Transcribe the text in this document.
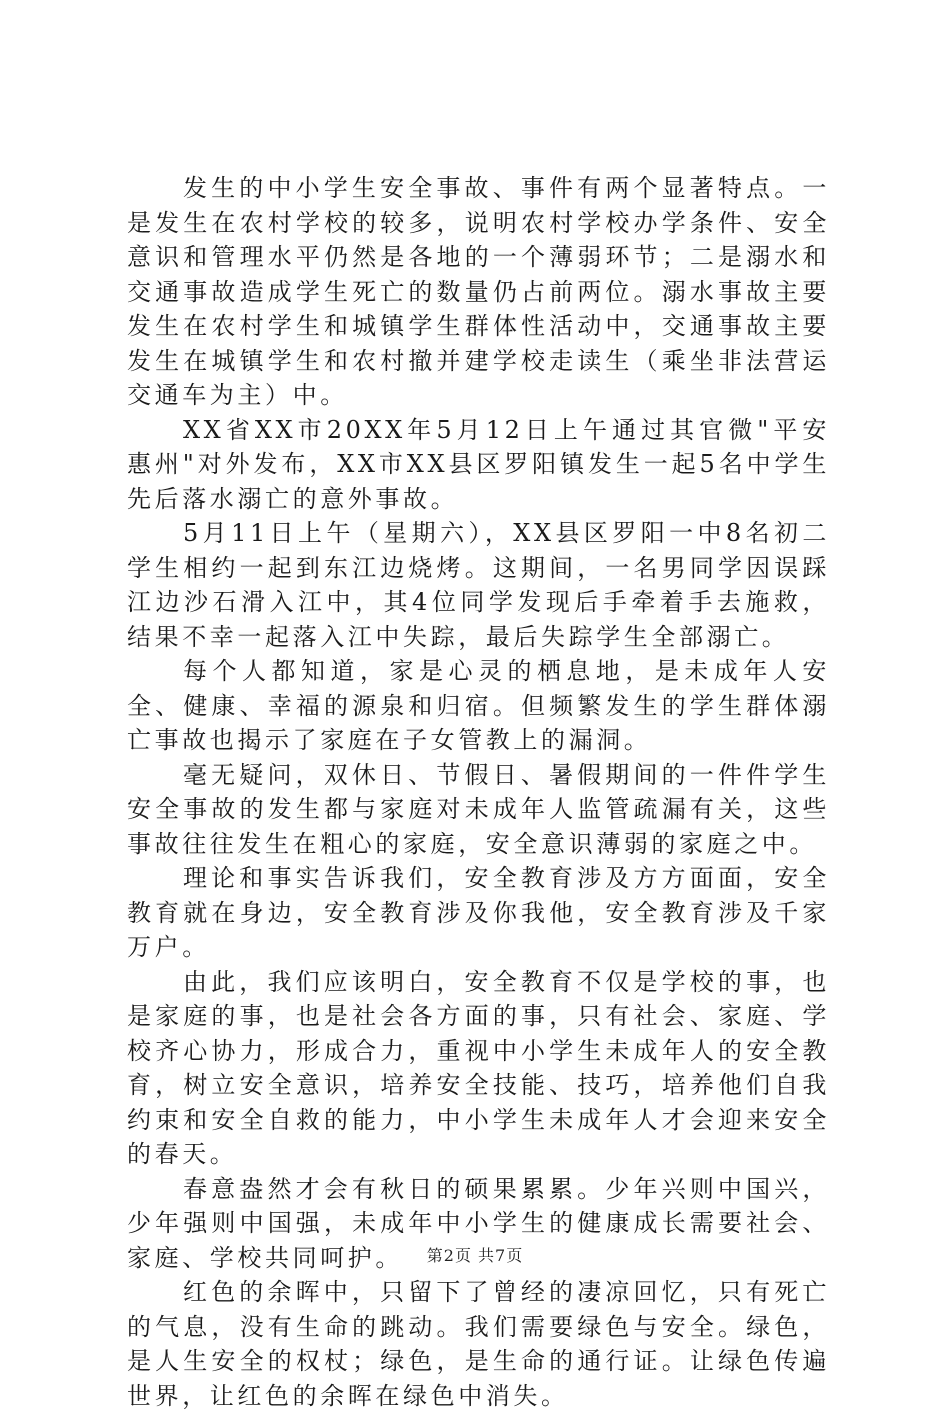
发生的中小学生安全事故、事件有两个显著特点。一是发生在农村学校的较多，说明农村学校办学条件、安全意识和管理水平仍然是各地的一个薄弱环节；二是溺水和交通事故造成学生死亡的数量仍占前两位。溺水事故主要发生在农村学生和城镇学生群体性活动中，交通事故主要发生在城镇学生和农村撤并建学校走读生（乘坐非法营运交通车为主）中。

XX省XX市20XX年5月12日上午通过其官微"平安惠州"对外发布，XX市XX县区罗阳镇发生一起5名中学生先后落水溺亡的意外事故。

5月11日上午（星期六），XX县区罗阳一中8名初二学生相约一起到东江边烧烤。这期间，一名男同学因误踩江边沙石滑入江中，其4位同学发现后手牵着手去施救，结果不幸一起落入江中失踪，最后失踪学生全部溺亡。

每个人都知道，家是心灵的栖息地，是未成年人安全、健康、幸福的源泉和归宿。但频繁发生的学生群体溺亡事故也揭示了家庭在子女管教上的漏洞。

毫无疑问，双休日、节假日、暑假期间的一件件学生安全事故的发生都与家庭对未成年人监管疏漏有关，这些事故往往发生在粗心的家庭，安全意识薄弱的家庭之中。

理论和事实告诉我们，安全教育涉及方方面面，安全教育就在身边，安全教育涉及你我他，安全教育涉及千家万户。

由此，我们应该明白，安全教育不仅是学校的事，也是家庭的事，也是社会各方面的事，只有社会、家庭、学校齐心协力，形成合力，重视中小学生未成年人的安全教育，树立安全意识，培养安全技能、技巧，培养他们自我约束和安全自救的能力，中小学生未成年人才会迎来安全的春天。

春意盎然才会有秋日的硕果累累。少年兴则中国兴，少年强则中国强，未成年中小学生的健康成长需要社会、家庭、学校共同呵护。

红色的余晖中，只留下了曾经的凄凉回忆，只有死亡的气息，没有生命的跳动。我们需要绿色与安全。绿色，是人生安全的权杖；绿色，是生命的通行证。让绿色传遍世界，让红色的余晖在绿色中消失。

第2页 共7页
